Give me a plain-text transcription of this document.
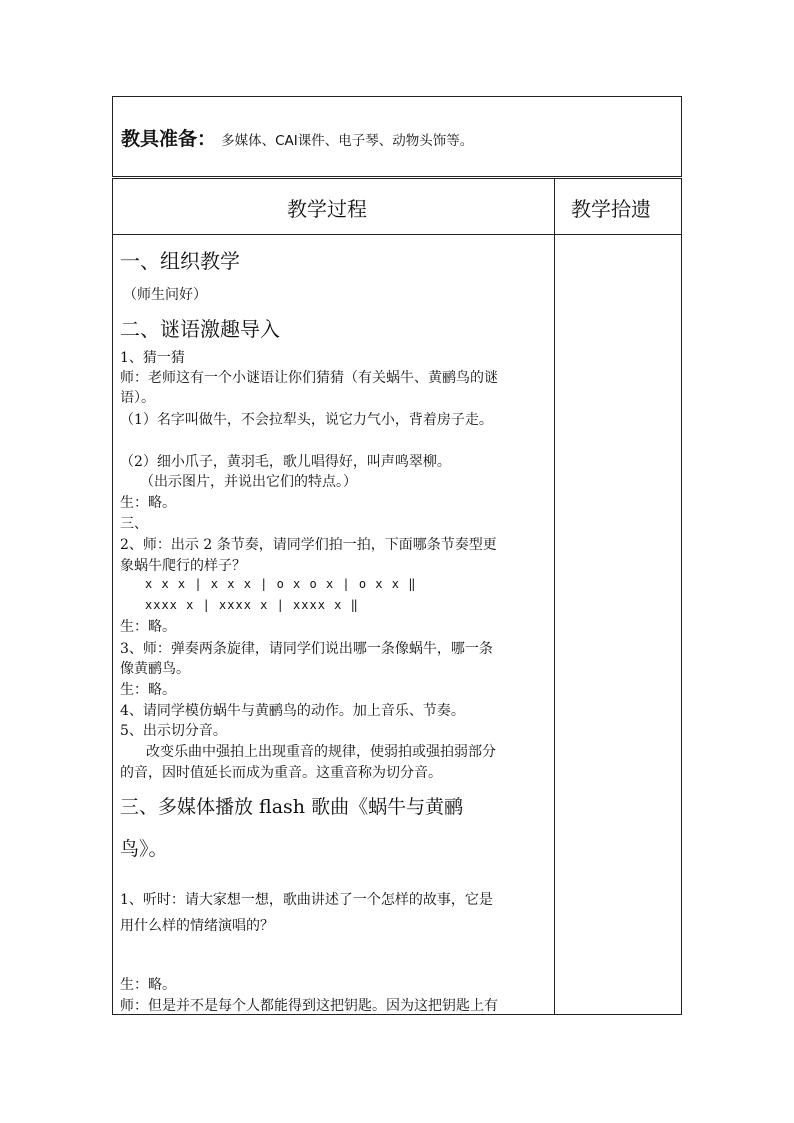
教具准备： 多媒体、CAI课件、电子琴、动物头饰等。
教学过程	教学拾遗
一、组织教学
（师生问好）
二、谜语激趣导入
1、猜一猜
师：老师这有一个小谜语让你们猜猜（有关蜗牛、黄鹂鸟的谜
语）。
（1）名字叫做牛，不会拉犁头，说它力气小，背着房子走。
（2）细小爪子，黄羽毛，歌儿唱得好，叫声鸣翠柳。
（出示图片，并说出它们的特点。）
生：略。
三、
2、师：出示 2 条节奏，请同学们拍一拍，下面哪条节奏型更
象蜗牛爬行的样子？
x x x | x x x | o x o x | o x x ‖
xxxx x | xxxx x | xxxx x ‖
生：略。
3、师：弹奏两条旋律，请同学们说出哪一条像蜗牛，哪一条
像黄鹂鸟。
生：略。
4、请同学模仿蜗牛与黄鹂鸟的动作。加上音乐、节奏。
5、出示切分音。
改变乐曲中强拍上出现重音的规律，使弱拍或强拍弱部分
的音，因时值延长而成为重音。这重音称为切分音。
三、多媒体播放 flash 歌曲《蜗牛与黄鹂
鸟》。
1、听时：请大家想一想，歌曲讲述了一个怎样的故事，它是
用什么样的情绪演唱的？
生：略。
师：但是并不是每个人都能得到这把钥匙。因为这把钥匙上有
